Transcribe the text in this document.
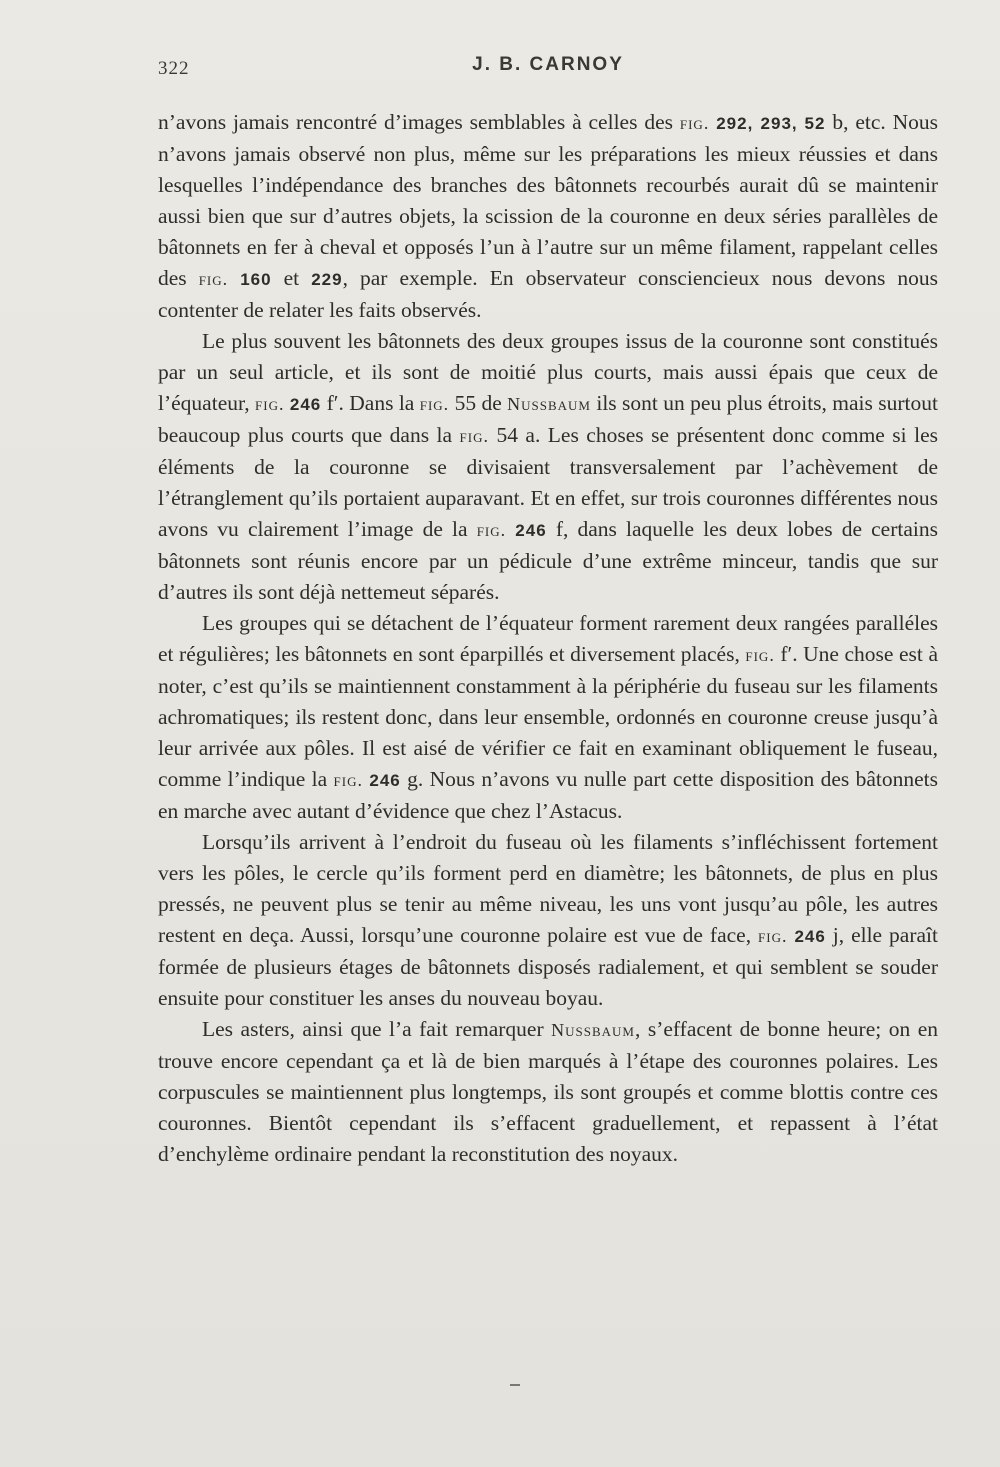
322	J. B. CARNOY

n’avons jamais rencontré d’images semblables à celles des fig. 292, 293, 52 b, etc. Nous n’avons jamais observé non plus, même sur les préparations les mieux réussies et dans lesquelles l’indépendance des branches des bâtonnets recourbés aurait dû se maintenir aussi bien que sur d’autres objets, la scission de la couronne en deux séries parallèles de bâtonnets en fer à cheval et opposés l’un à l’autre sur un même filament, rappelant celles des fig. 160 et 229, par exemple. En observateur consciencieux nous devons nous contenter de relater les faits observés.

Le plus souvent les bâtonnets des deux groupes issus de la couronne sont constitués par un seul article, et ils sont de moitié plus courts, mais aussi épais que ceux de l’équateur, fig. 246 f′. Dans la fig. 55 de Nussbaum ils sont un peu plus étroits, mais surtout beaucoup plus courts que dans la fig. 54 a. Les choses se présentent donc comme si les éléments de la couronne se divisaient transversalement par l’achèvement de l’étranglement qu’ils portaient auparavant. Et en effet, sur trois couronnes différentes nous avons vu clairement l’image de la fig. 246 f, dans laquelle les deux lobes de certains bâtonnets sont réunis encore par un pédicule d’une extrême minceur, tandis que sur d’autres ils sont déjà nettemeut séparés.

Les groupes qui se détachent de l’équateur forment rarement deux rangées paralléles et régulières; les bâtonnets en sont éparpillés et diversement placés, fig. f′. Une chose est à noter, c’est qu’ils se maintiennent constamment à la périphérie du fuseau sur les filaments achromatiques; ils restent donc, dans leur ensemble, ordonnés en couronne creuse jusqu’à leur arrivée aux pôles. Il est aisé de vérifier ce fait en examinant obliquement le fuseau, comme l’indique la fig. 246 g. Nous n’avons vu nulle part cette disposition des bâtonnets en marche avec autant d’évidence que chez l’Astacus.

Lorsqu’ils arrivent à l’endroit du fuseau où les filaments s’infléchissent fortement vers les pôles, le cercle qu’ils forment perd en diamètre; les bâtonnets, de plus en plus pressés, ne peuvent plus se tenir au même niveau, les uns vont jusqu’au pôle, les autres restent en deça. Aussi, lorsqu’une couronne polaire est vue de face, fig. 246 j, elle paraît formée de plusieurs étages de bâtonnets disposés radialement, et qui semblent se souder ensuite pour constituer les anses du nouveau boyau.

Les asters, ainsi que l’a fait remarquer Nussbaum, s’effacent de bonne heure; on en trouve encore cependant ça et là de bien marqués à l’étape des couronnes polaires. Les corpuscules se maintiennent plus longtemps, ils sont groupés et comme blottis contre ces couronnes. Bientôt cependant ils s’effacent graduellement, et repassent à l’état d’enchylème ordinaire pendant la reconstitution des noyaux.
